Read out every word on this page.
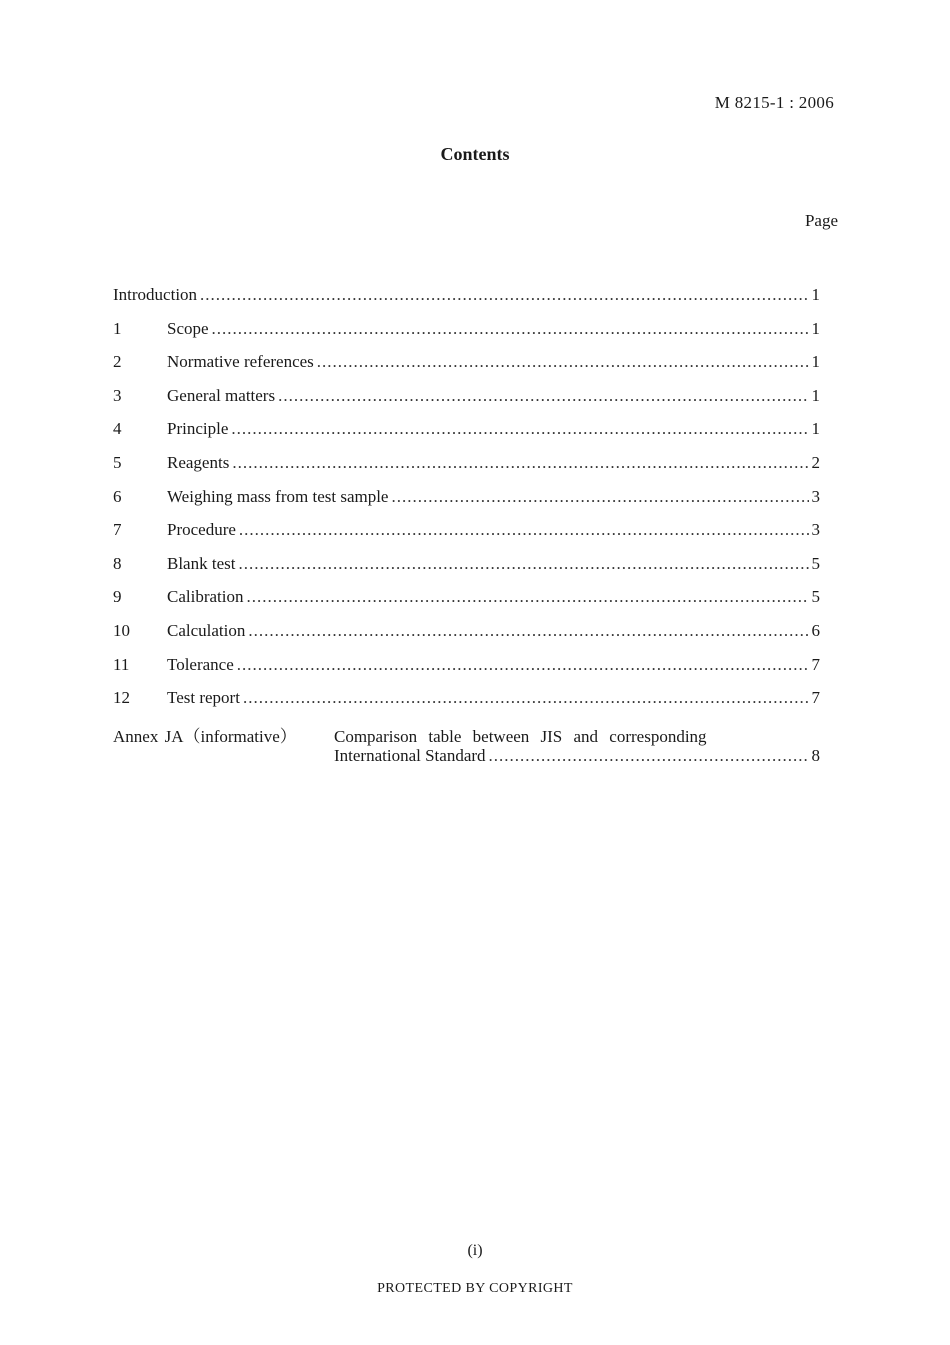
M 8215-1 : 2006
Contents
Page
Introduction .....	1
1	Scope .....	1
2	Normative references .....	1
3	General matters .....	1
4	Principle .....	1
5	Reagents .....	2
6	Weighing mass from test sample .....	3
7	Procedure .....	3
8	Blank test .....	5
9	Calibration .....	5
10	Calculation .....	6
11	Tolerance .....	7
12	Test report .....	7
Annex JA（informative）	Comparison table between JIS and corresponding
International Standard .....	8
(i)
PROTECTED BY COPYRIGHT
